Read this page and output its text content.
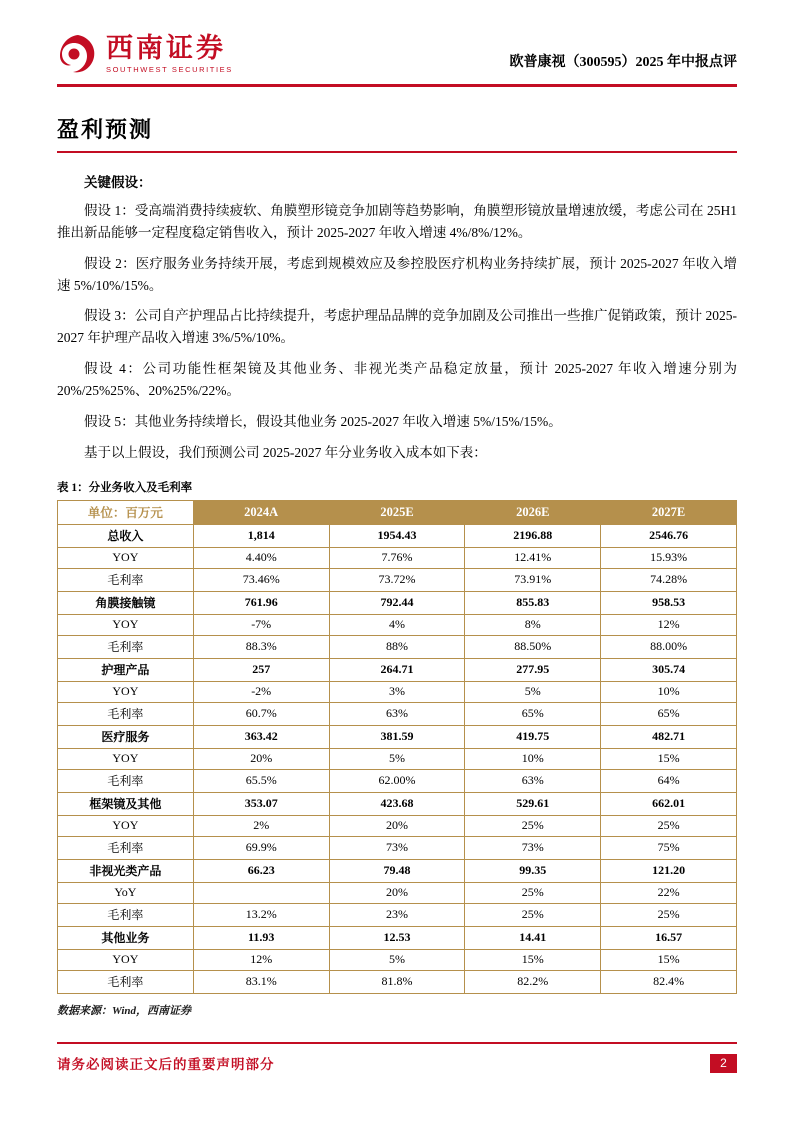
西南证券
SOUTHWEST SECURITIES	欧普康视（300595）2025 年中报点评
盈利预测

关键假设：

假设 1：受高端消费持续疲软、角膜塑形镜竞争加剧等趋势影响，角膜塑形镜放量增速放缓，考虑公司在 25H1 推出新品能够一定程度稳定销售收入，预计 2025-2027 年收入增速 4%/8%/12%。

假设 2：医疗服务业务持续开展，考虑到规模效应及参控股医疗机构业务持续扩展，预计 2025-2027 年收入增速 5%/10%/15%。

假设 3：公司自产护理品占比持续提升，考虑护理品品牌的竞争加剧及公司推出一些推广促销政策，预计 2025-2027 年护理产品收入增速 3%/5%/10%。

假设 4：公司功能性框架镜及其他业务、非视光类产品稳定放量，预计 2025-2027 年收入增速分别为 20%/25%25%、20%25%/22%。

假设 5：其他业务持续增长，假设其他业务 2025-2027 年收入增速 5%/15%/15%。

基于以上假设，我们预测公司 2025-2027 年分业务收入成本如下表：

表 1：分业务收入及毛利率

单位：百万元	2024A	2025E	2026E	2027E
总收入	1,814	1954.43	2196.88	2546.76
YOY	4.40%	7.76%	12.41%	15.93%
毛利率	73.46%	73.72%	73.91%	74.28%
角膜接触镜	761.96	792.44	855.83	958.53
YOY	-7%	4%	8%	12%
毛利率	88.3%	88%	88.50%	88.00%
护理产品	257	264.71	277.95	305.74
YOY	-2%	3%	5%	10%
毛利率	60.7%	63%	65%	65%
医疗服务	363.42	381.59	419.75	482.71
YOY	20%	5%	10%	15%
毛利率	65.5%	62.00%	63%	64%
框架镜及其他	353.07	423.68	529.61	662.01
YOY	2%	20%	25%	25%
毛利率	69.9%	73%	73%	75%
非视光类产品	66.23	79.48	99.35	121.20
YoY		20%	25%	22%
毛利率	13.2%	23%	25%	25%
其他业务	11.93	12.53	14.41	16.57
YOY	12%	5%	15%	15%
毛利率	83.1%	81.8%	82.2%	82.4%

数据来源：Wind，西南证券

请务必阅读正文后的重要声明部分	2
